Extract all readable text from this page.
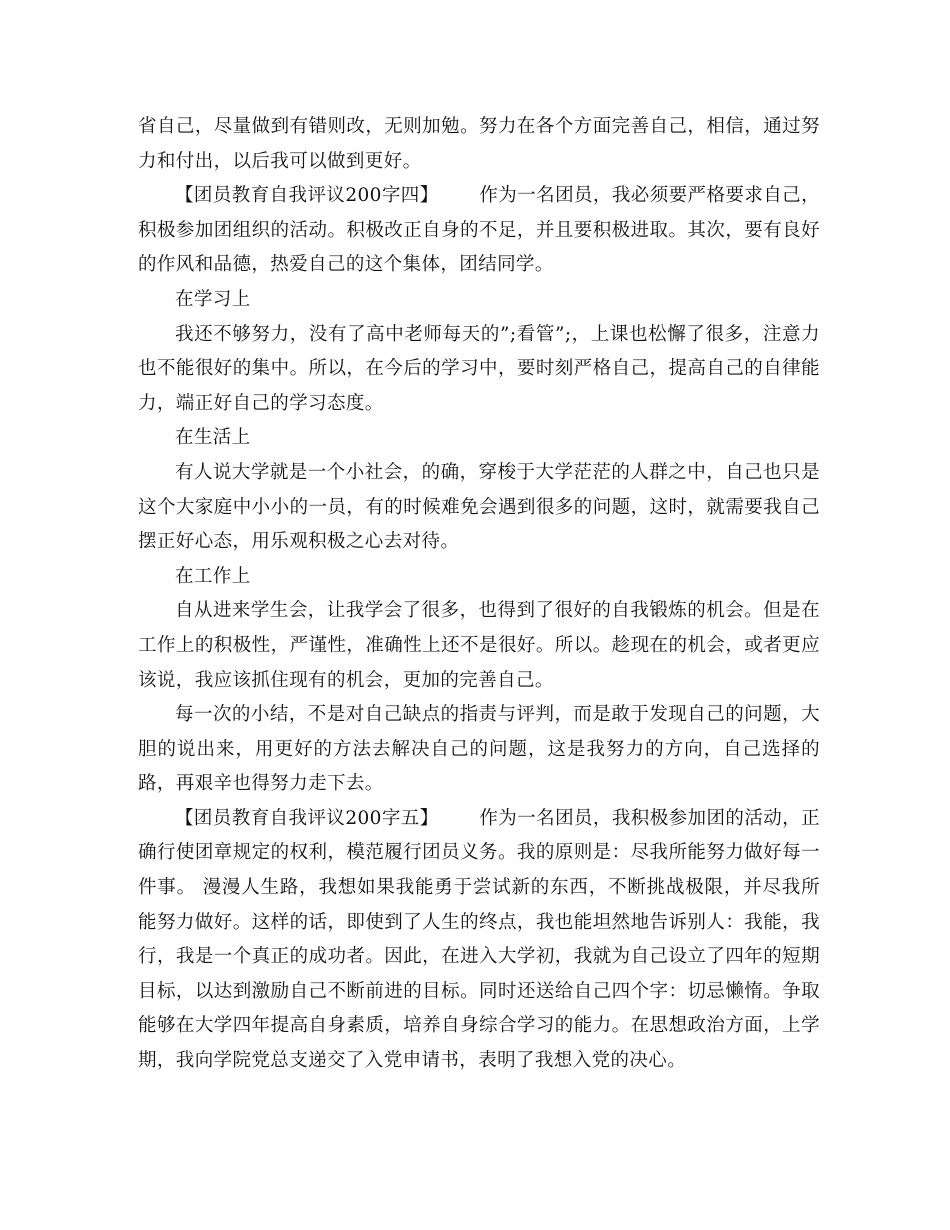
省自己，尽量做到有错则改，无则加勉。努力在各个方面完善自己，相信，通过努力和付出，以后我可以做到更好。

【团员教育自我评议200字四】 作为一名团员，我必须要严格要求自己，积极参加团组织的活动。积极改正自身的不足，并且要积极进取。其次，要有良好的作风和品德，热爱自己的这个集体，团结同学。

在学习上

我还不够努力，没有了高中老师每天的”;看管”;，上课也松懈了很多，注意力也不能很好的集中。所以，在今后的学习中，要时刻严格自己，提高自己的自律能力，端正好自己的学习态度。

在生活上

有人说大学就是一个小社会，的确，穿梭于大学茫茫的人群之中，自己也只是这个大家庭中小小的一员，有的时候难免会遇到很多的问题，这时，就需要我自己摆正好心态，用乐观积极之心去对待。

在工作上

自从进来学生会，让我学会了很多，也得到了很好的自我锻炼的机会。但是在工作上的积极性，严谨性，准确性上还不是很好。所以。趁现在的机会，或者更应该说，我应该抓住现有的机会，更加的完善自己。

每一次的小结，不是对自己缺点的指责与评判，而是敢于发现自己的问题，大胆的说出来，用更好的方法去解决自己的问题，这是我努力的方向，自己选择的路，再艰辛也得努力走下去。

【团员教育自我评议200字五】 作为一名团员，我积极参加团的活动，正确行使团章规定的权利，模范履行团员义务。我的原则是：尽我所能努力做好每一件事。 漫漫人生路，我想如果我能勇于尝试新的东西，不断挑战极限，并尽我所能努力做好。这样的话，即使到了人生的终点，我也能坦然地告诉别人：我能，我行，我是一个真正的成功者。因此，在进入大学初，我就为自己设立了四年的短期目标，以达到激励自己不断前进的目标。同时还送给自己四个字：切忌懒惰。争取能够在大学四年提高自身素质，培养自身综合学习的能力。在思想政治方面，上学期，我向学院党总支递交了入党申请书，表明了我想入党的决心。
